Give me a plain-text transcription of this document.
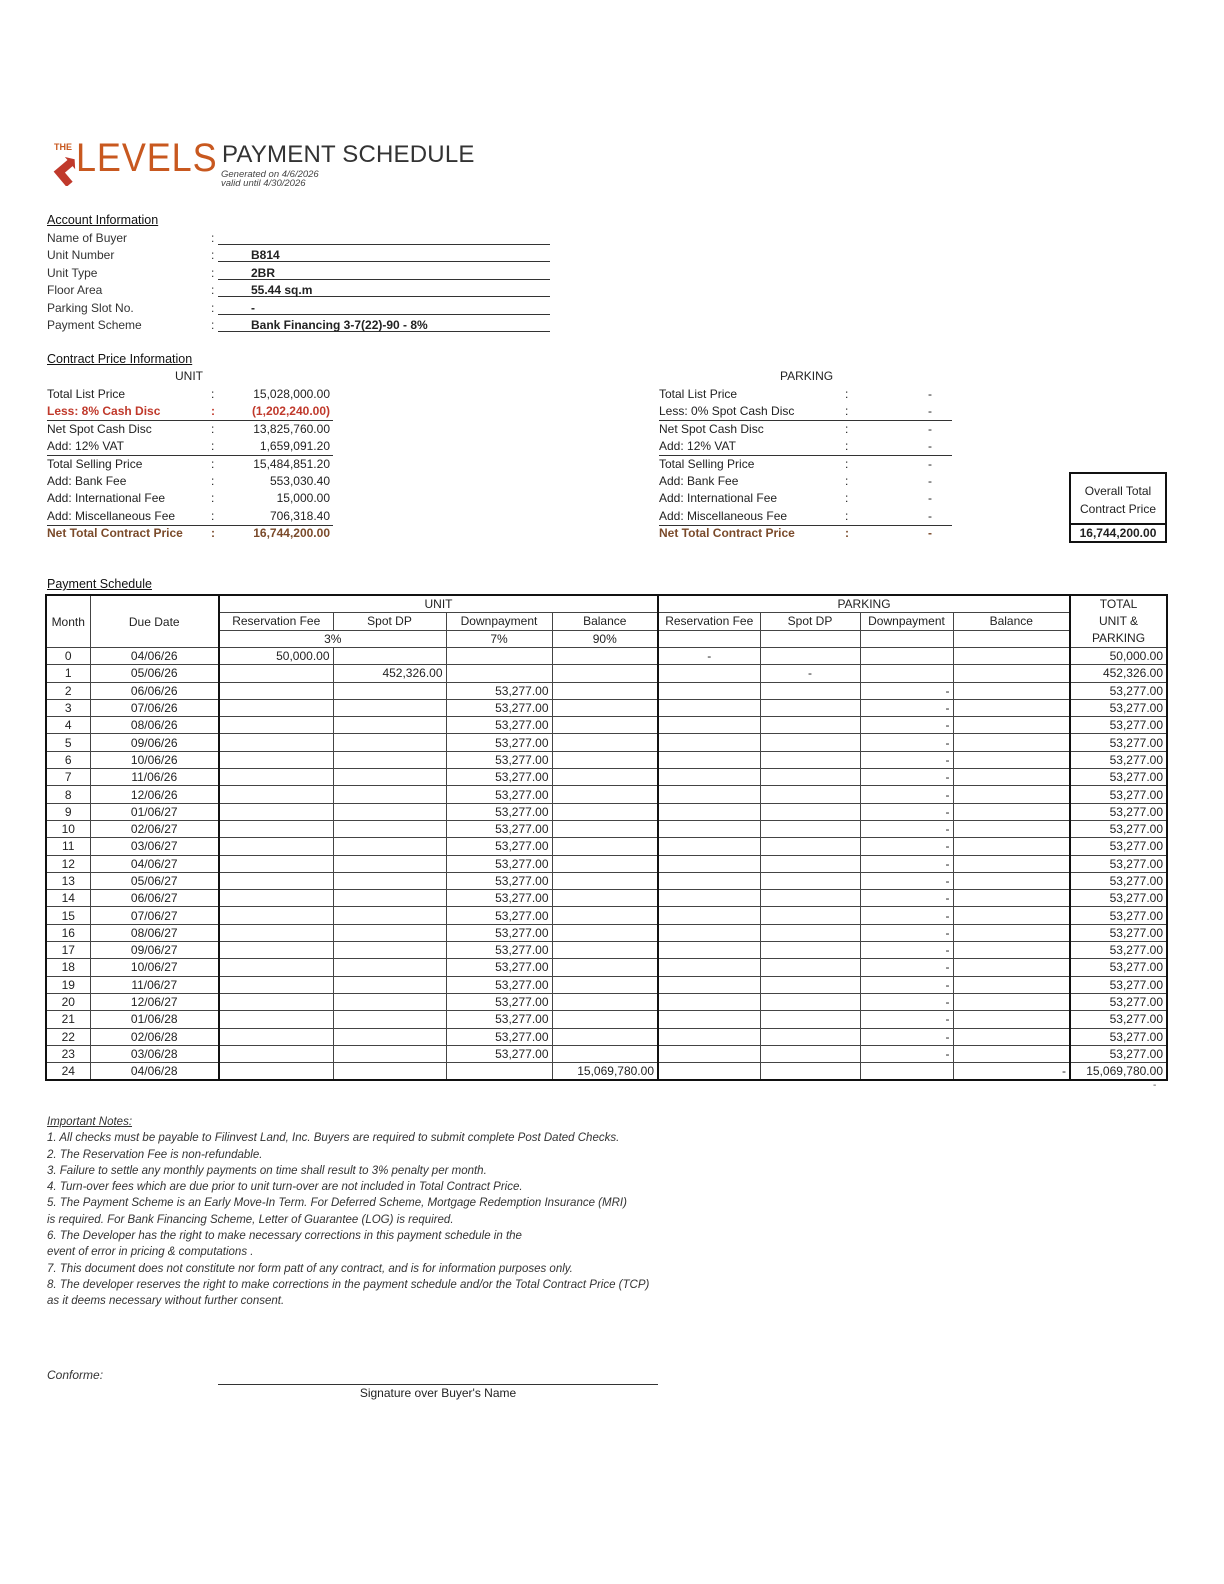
THE LEVELS PAYMENT SCHEDULE
Generated on 4/6/2026
valid until 4/30/2026
Account Information
Name of Buyer	:
Unit Number	:	B814
Unit Type	:	2BR
Floor Area	:	55.44 sq.m
Parking Slot No.	:	-
Payment Scheme	:	Bank Financing 3-7(22)-90 - 8%
Contract Price Information
UNIT	PARKING
Total List Price	:	15,028,000.00
Less: 8% Cash Disc	:	(1,202,240.00)
Net Spot Cash Disc	:	13,825,760.00
Add: 12% VAT	:	1,659,091.20
Total Selling Price	:	15,484,851.20
Add: Bank Fee	:	553,030.40
Add: International Fee	:	15,000.00
Add: Miscellaneous Fee	:	706,318.40
Net Total Contract Price :	16,744,200.00
Total List Price	:	-
Less: 0% Spot Cash Disc	:	-
Net Spot Cash Disc	:	-
Add: 12% VAT	:	-
Total Selling Price	:	-
Add: Bank Fee	:	-
Add: International Fee	:	-
Add: Miscellaneous Fee	:	-
Net Total Contract Price	:	-
Overall Total
Contract Price
16,744,200.00
Payment Schedule
Month	Due Date	UNIT				PARKING				TOTAL
UNIT &
PARKING

		Reservation Fee	Spot DP	Downpayment	Balance	Reservation Fee	Spot DP	Downpayment	Balance	
		3%		7%	90%					
0	04/06/26	50,000.00				-				50,000.00
1	05/06/26		452,326.00				-			452,326.00
2	06/06/26			53,277.00				-		53,277.00
3	07/06/26			53,277.00				-		53,277.00
4	08/06/26			53,277.00				-		53,277.00
5	09/06/26			53,277.00				-		53,277.00
6	10/06/26			53,277.00				-		53,277.00
7	11/06/26			53,277.00				-		53,277.00
8	12/06/26			53,277.00				-		53,277.00
9	01/06/27			53,277.00				-		53,277.00
10	02/06/27			53,277.00				-		53,277.00
11	03/06/27			53,277.00				-		53,277.00
12	04/06/27			53,277.00				-		53,277.00
13	05/06/27			53,277.00				-		53,277.00
14	06/06/27			53,277.00				-		53,277.00
15	07/06/27			53,277.00				-		53,277.00
16	08/06/27			53,277.00				-		53,277.00
17	09/06/27			53,277.00				-		53,277.00
18	10/06/27			53,277.00				-		53,277.00
19	11/06/27			53,277.00				-		53,277.00
20	12/06/27			53,277.00				-		53,277.00
21	01/06/28			53,277.00				-		53,277.00
22	02/06/28			53,277.00				-		53,277.00
23	03/06/28			53,277.00				-		53,277.00
24	04/06/28				15,069,780.00				-	15,069,780.00
-
Important Notes:
1. All checks must be payable to Filinvest Land, Inc. Buyers are required to submit complete Post Dated Checks.
2. The Reservation Fee is non-refundable.
3. Failure to settle any monthly payments on time shall result to 3% penalty per month.
4. Turn-over fees which are due prior to unit turn-over are not included in Total Contract Price.
5. The Payment Scheme is an Early Move-In Term. For Deferred Scheme, Mortgage Redemption Insurance (MRI)
is required. For Bank Financing Scheme, Letter of Guarantee (LOG) is required.
6. The Developer has the right to make necessary corrections in this payment schedule in the
event of error in pricing & computations .
7. This document does not constitute nor form patt of any contract, and is for information purposes only.
8. The developer reserves the right to make corrections in the payment schedule and/or the Total Contract Price (TCP)
as it deems necessary without further consent.
Conforme:
Signature over Buyer's Name
